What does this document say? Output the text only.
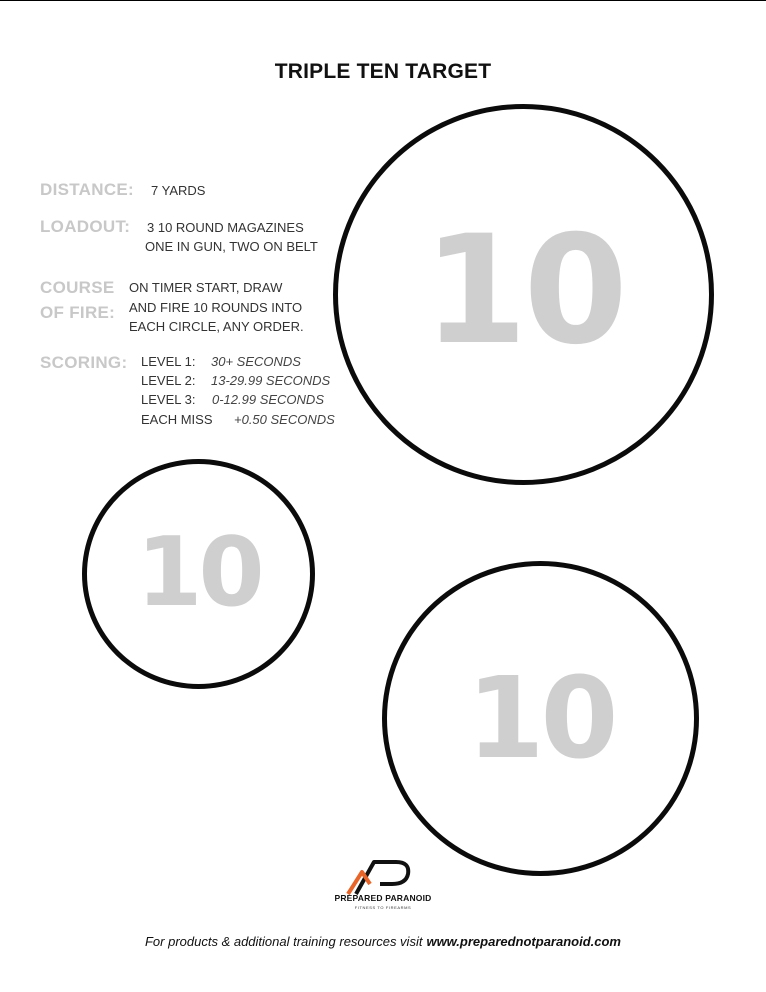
TRIPLE TEN TARGET
DISTANCE: 7 YARDS
LOADOUT: 3 10 ROUND MAGAZINES
ONE IN GUN, TWO ON BELT
COURSE
OF FIRE:
ON TIMER START, DRAW
AND FIRE 10 ROUNDS INTO
EACH CIRCLE, ANY ORDER.
SCORING: LEVEL 1: 30+ SECONDS
LEVEL 2: 13-29.99 SECONDS
LEVEL 3: 0-12.99 SECONDS
EACH MISS +0.50 SECONDS
10
10
10
PREPARED PARANOID
FITNESS TO FIREARMS
For products & additional training resources visit www.preparednotparanoid.com
